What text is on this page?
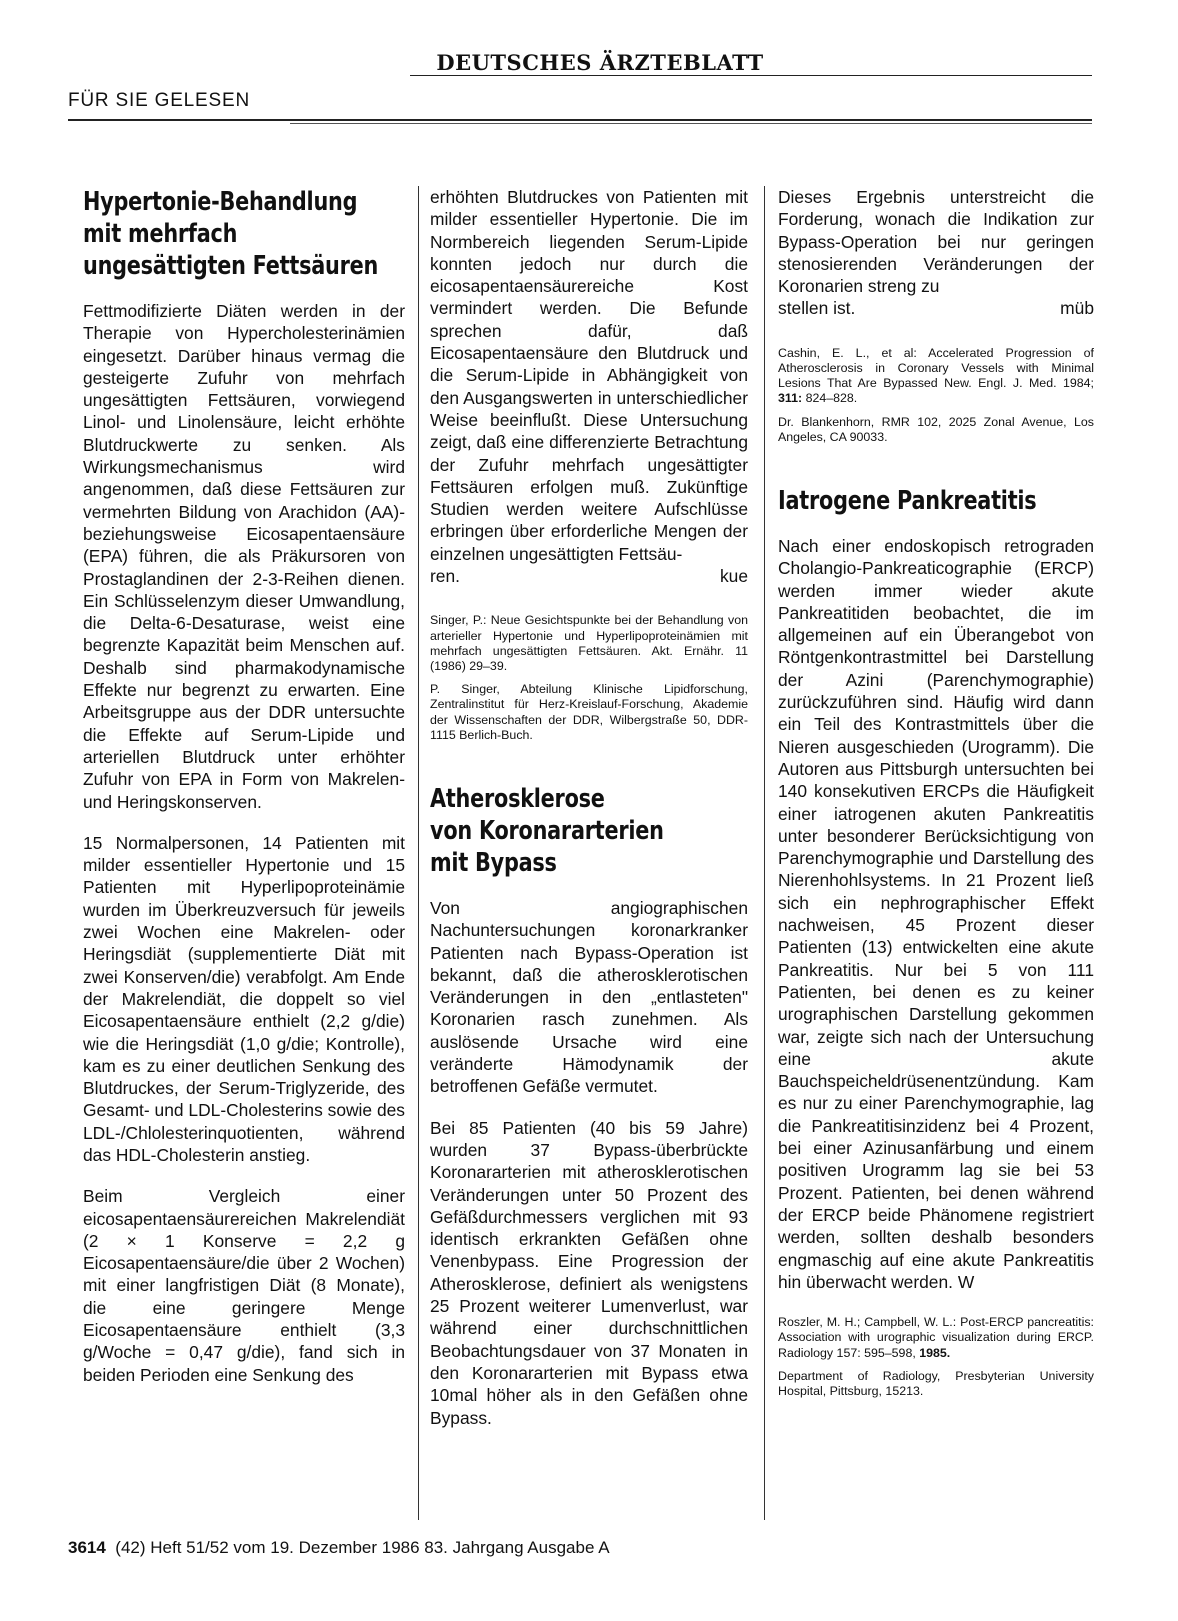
DEUTSCHES ÄRZTEBLATT
FÜR SIE GELESEN
Hypertonie-Behandlung
mit mehrfach
ungesättigten Fettsäuren

Fettmodifizierte Diäten werden in der Therapie von Hypercholesterinämien eingesetzt. Darüber hinaus vermag die gesteigerte Zufuhr von mehrfach ungesättigten Fettsäuren, vorwiegend Linol- und Linolensäure, leicht erhöhte Blutdruckwerte zu senken. Als Wirkungsmechanismus wird angenommen, daß diese Fettsäuren zur vermehrten Bildung von Arachidon (AA)- beziehungsweise Eicosapentaensäure (EPA) führen, die als Präkursoren von Prostaglandinen der 2-3-Reihen dienen. Ein Schlüsselenzym dieser Umwandlung, die Delta-6-Desaturase, weist eine begrenzte Kapazität beim Menschen auf. Deshalb sind pharmakodynamische Effekte nur begrenzt zu erwarten. Eine Arbeitsgruppe aus der DDR untersuchte die Effekte auf Serum-Lipide und arteriellen Blutdruck unter erhöhter Zufuhr von EPA in Form von Makrelen- und Heringskonserven.

15 Normalpersonen, 14 Patienten mit milder essentieller Hypertonie und 15 Patienten mit Hyperlipoproteinämie wurden im Überkreuzversuch für jeweils zwei Wochen eine Makrelen- oder Heringsdiät (supplementierte Diät mit zwei Konserven/die) verabfolgt. Am Ende der Makrelendiät, die doppelt so viel Eicosapentaensäure enthielt (2,2 g/die) wie die Heringsdiät (1,0 g/die; Kontrolle), kam es zu einer deutlichen Senkung des Blutdruckes, der Serum-Triglyzeride, des Gesamt- und LDL-Cholesterins sowie des LDL-/Chlolesterinquotienten, während das HDL-Cholesterin anstieg.

Beim Vergleich einer eicosapentaensäurereichen Makrelendiät (2 × 1 Konserve = 2,2 g Eicosapentaensäure/die über 2 Wochen) mit einer langfristigen Diät (8 Monate), die eine geringere Menge Eicosapentaensäure enthielt (3,3 g/Woche = 0,47 g/die), fand sich in beiden Perioden eine Senkung des

erhöhten Blutdruckes von Patienten mit milder essentieller Hypertonie. Die im Normbereich liegenden Serum-Lipide konnten jedoch nur durch die eicosapentaensäurereiche Kost vermindert werden. Die Befunde sprechen dafür, daß Eicosapentaensäure den Blutdruck und die Serum-Lipide in Abhängigkeit von den Ausgangswerten in unterschiedlicher Weise beeinflußt. Diese Untersuchung zeigt, daß eine differenzierte Betrachtung der Zufuhr mehrfach ungesättigter Fettsäuren erfolgen muß. Zukünftige Studien werden weitere Aufschlüsse erbringen über erforderliche Mengen der einzelnen ungesättigten Fettsäu-

ren.	kue

Singer, P.: Neue Gesichtspunkte bei der Behandlung von arterieller Hypertonie und Hyperlipoproteinämien mit mehrfach ungesättigten Fettsäuren. Akt. Ernähr. 11 (1986) 29–39.

P. Singer, Abteilung Klinische Lipidforschung, Zentralinstitut für Herz-Kreislauf-Forschung, Akademie der Wissenschaften der DDR, Wilbergstraße 50, DDR-1115 Berlich-Buch.

Atherosklerose
von Koronararterien
mit Bypass

Von angiographischen Nachuntersuchungen koronarkranker Patienten nach Bypass-Operation ist bekannt, daß die atherosklerotischen Veränderungen in den „entlasteten" Koronarien rasch zunehmen. Als auslösende Ursache wird eine veränderte Hämodynamik der betroffenen Gefäße vermutet.

Bei 85 Patienten (40 bis 59 Jahre) wurden 37 Bypass-überbrückte Koronararterien mit atherosklerotischen Veränderungen unter 50 Prozent des Gefäßdurchmessers verglichen mit 93 identisch erkrankten Gefäßen ohne Venenbypass. Eine Progression der Atherosklerose, definiert als wenigstens 25 Prozent weiterer Lumenverlust, war während einer durchschnittlichen Beobachtungsdauer von 37 Monaten in den Koronararterien mit Bypass etwa 10mal höher als in den Gefäßen ohne Bypass.

Dieses Ergebnis unterstreicht die Forderung, wonach die Indikation zur Bypass-Operation bei nur geringen stenosierenden Veränderungen der Koronarien streng zu

stellen ist.	müb

Cashin, E. L., et al: Accelerated Progression of Atherosclerosis in Coronary Vessels with Minimal Lesions That Are Bypassed New. Engl. J. Med. 1984; 311: 824–828.

Dr. Blankenhorn, RMR 102, 2025 Zonal Avenue, Los Angeles, CA 90033.

Iatrogene Pankreatitis

Nach einer endoskopisch retrograden Cholangio-Pankreaticographie (ERCP) werden immer wieder akute Pankreatitiden beobachtet, die im allgemeinen auf ein Überangebot von Röntgenkontrastmittel bei Darstellung der Azini (Parenchymographie) zurückzuführen sind. Häufig wird dann ein Teil des Kontrastmittels über die Nieren ausgeschieden (Urogramm). Die Autoren aus Pittsburgh untersuchten bei 140 konsekutiven ERCPs die Häufigkeit einer iatrogenen akuten Pankreatitis unter besonderer Berücksichtigung von Parenchymographie und Darstellung des Nierenhohlsystems. In 21 Prozent ließ sich ein nephrographischer Effekt nachweisen, 45 Prozent dieser Patienten (13) entwickelten eine akute Pankreatitis. Nur bei 5 von 111 Patienten, bei denen es zu keiner urographischen Darstellung gekommen war, zeigte sich nach der Untersuchung eine akute Bauchspeicheldrüsenentzündung. Kam es nur zu einer Parenchymographie, lag die Pankreatitisinzidenz bei 4 Prozent, bei einer Azinusanfärbung und einem positiven Urogramm lag sie bei 53 Prozent. Patienten, bei denen während der ERCP beide Phänomene registriert werden, sollten deshalb besonders engmaschig auf eine akute Pankreatitis hin überwacht werden. W

Roszler, M. H.; Campbell, W. L.: Post-ERCP pancreatitis: Association with urographic visualization during ERCP. Radiology 157: 595–598, 1985.

Department of Radiology, Presbyterian University Hospital, Pittsburg, 15213.

3614 (42) Heft 51/52 vom 19. Dezember 1986 83. Jahrgang Ausgabe A
